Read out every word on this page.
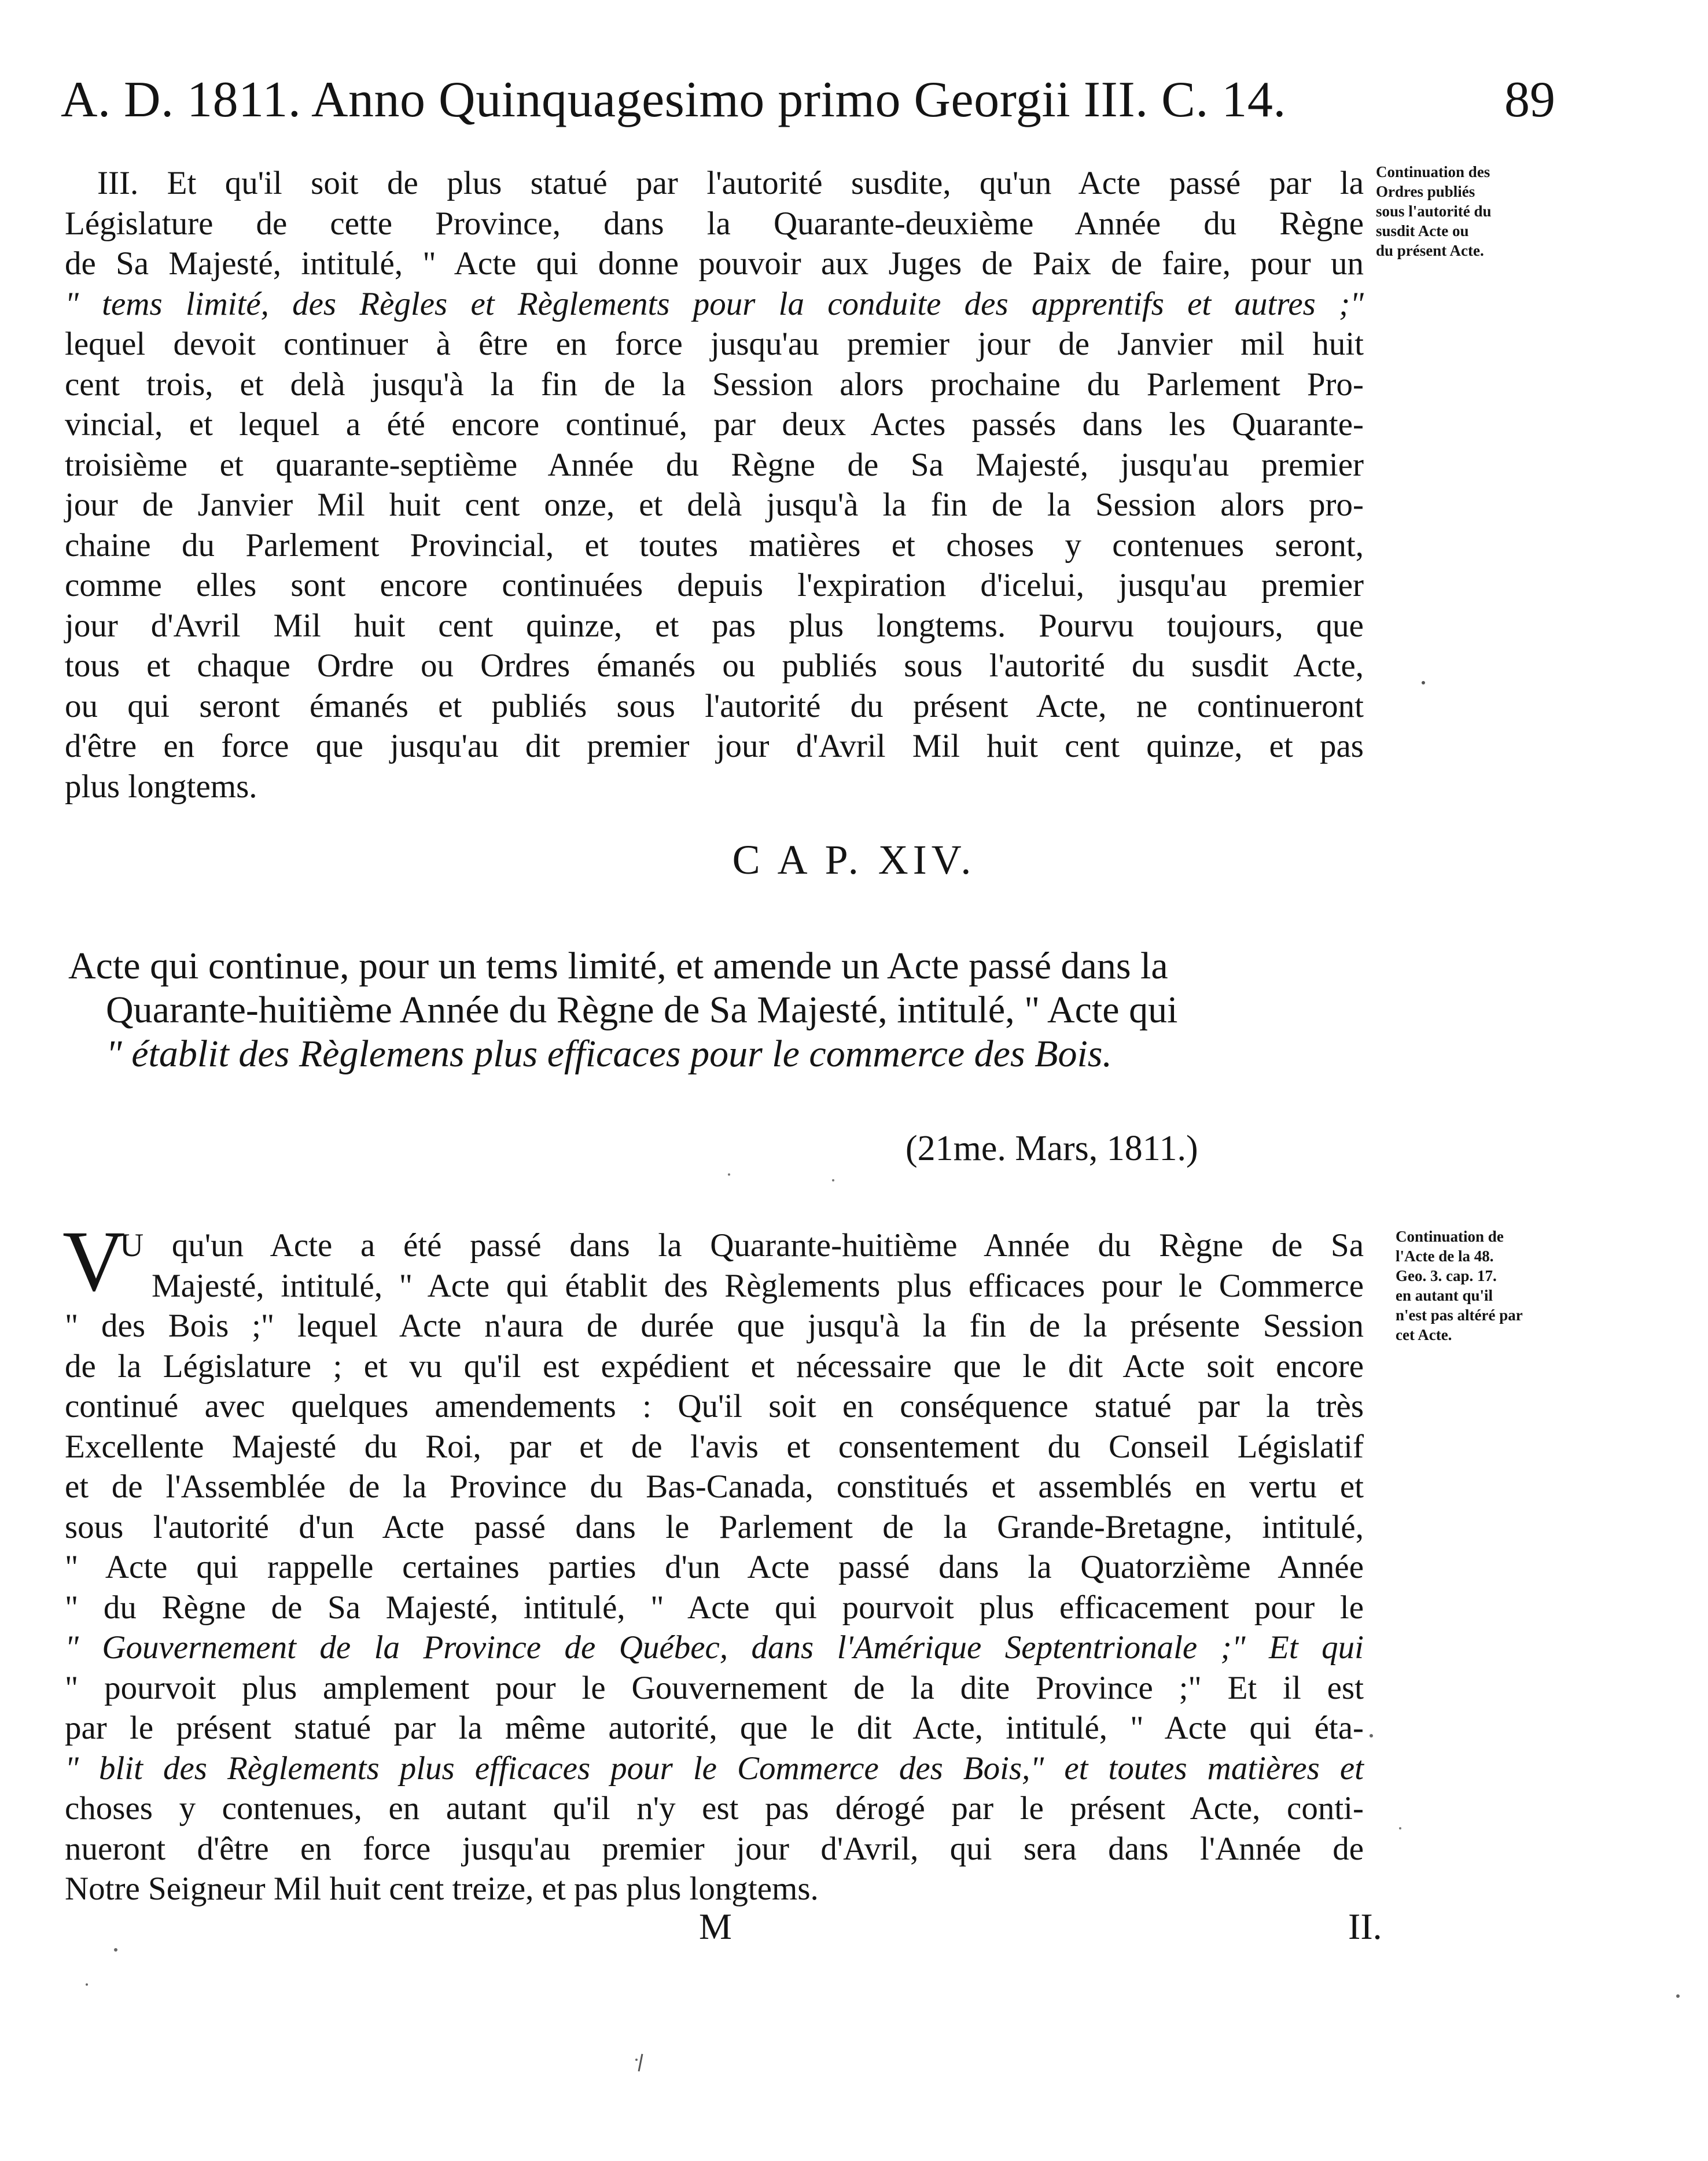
A. D. 1811. Anno Quinquagesimo primo Georgii III. C. 14.	89
III. Et qu'il soit de plus statué par l'autorité susdite, qu'un Acte passé par la
Législature de cette Province, dans la Quarante-deuxième Année du Règne
de Sa Majesté, intitulé, " Acte qui donne pouvoir aux Juges de Paix de faire, pour un
" tems limité, des Règles et Règlements pour la conduite des apprentifs et autres ;"
lequel devoit continuer à être en force jusqu'au premier jour de Janvier mil huit
cent trois, et delà jusqu'à la fin de la Session alors prochaine du Parlement Pro-
vincial, et lequel a été encore continué, par deux Actes passés dans les Quarante-
troisième et quarante-septième Année du Règne de Sa Majesté, jusqu'au premier
jour de Janvier Mil huit cent onze, et delà jusqu'à la fin de la Session alors pro-
chaine du Parlement Provincial, et toutes matières et choses y contenues seront,
comme elles sont encore continuées depuis l'expiration d'icelui, jusqu'au premier
jour d'Avril Mil huit cent quinze, et pas plus longtems. Pourvu toujours, que
tous et chaque Ordre ou Ordres émanés ou publiés sous l'autorité du susdit Acte,
ou qui seront émanés et publiés sous l'autorité du présent Acte, ne continueront
d'être en force que jusqu'au dit premier jour d'Avril Mil huit cent quinze, et pas
plus longtems.
Continuation des
Ordres publiés
sous l'autorité du
susdit Acte ou
du présent Acte.
C A P. XIV.
Acte qui continue, pour un tems limité, et amende un Acte passé dans la
Quarante-huitième Année du Règne de Sa Majesté, intitulé, " Acte qui
" établit des Règlemens plus efficaces pour le commerce des Bois.
(21me. Mars, 1811.)
V
U qu'un Acte a été passé dans la Quarante-huitième Année du Règne de Sa
Majesté, intitulé, " Acte qui établit des Règlements plus efficaces pour le Commerce
" des Bois ;" lequel Acte n'aura de durée que jusqu'à la fin de la présente Session
de la Législature ; et vu qu'il est expédient et nécessaire que le dit Acte soit encore
continué avec quelques amendements : Qu'il soit en conséquence statué par la très
Excellente Majesté du Roi, par et de l'avis et consentement du Conseil Législatif
et de l'Assemblée de la Province du Bas-Canada, constitués et assemblés en vertu et
sous l'autorité d'un Acte passé dans le Parlement de la Grande-Bretagne, intitulé,
" Acte qui rappelle certaines parties d'un Acte passé dans la Quatorzième Année
" du Règne de Sa Majesté, intitulé, " Acte qui pourvoit plus efficacement pour le
" Gouvernement de la Province de Québec, dans l'Amérique Septentrionale ;" Et qui
" pourvoit plus amplement pour le Gouvernement de la dite Province ;" Et il est
par le présent statué par la même autorité, que le dit Acte, intitulé, " Acte qui éta-
" blit des Règlements plus efficaces pour le Commerce des Bois," et toutes matières et
choses y contenues, en autant qu'il n'y est pas dérogé par le présent Acte, conti-
nueront d'être en force jusqu'au premier jour d'Avril, qui sera dans l'Année de
Notre Seigneur Mil huit cent treize, et pas plus longtems.
Continuation de
l'Acte de la 48.
Geo. 3. cap. 17.
en autant qu'il
n'est pas altéré par
cet Acte.
M	II.
